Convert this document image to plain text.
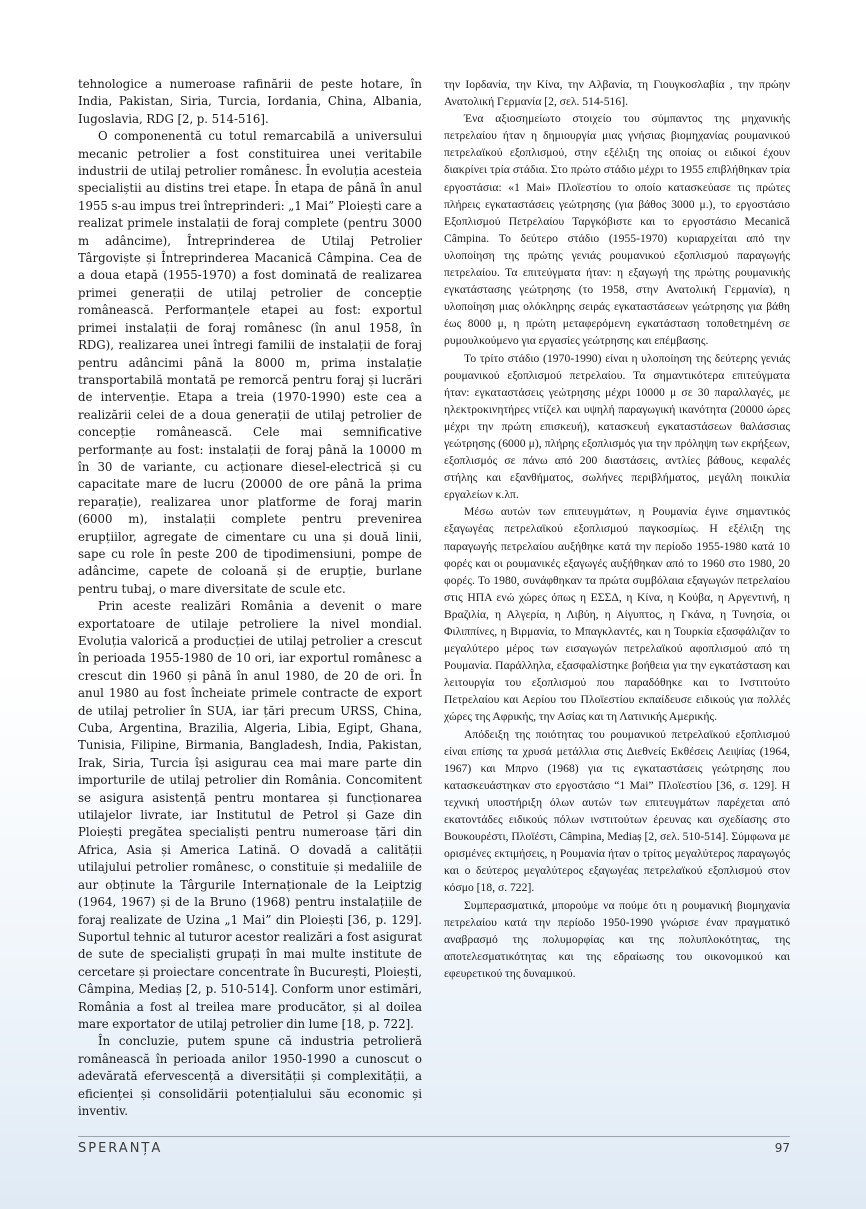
tehnologice a numeroase rafinării de peste hotare, în India, Pakistan, Siria, Turcia, Iordania, China, Albania, Iugoslavia, RDG [2, p. 514-516].

O componenentă cu totul remarcabilă a universului mecanic petrolier a fost constituirea unei veritabile industrii de utilaj petrolier românesc. În evoluția acesteia specialiștii au distins trei etape. În etapa de până în anul 1955 s-au impus trei întreprinderi: „1 Mai” Ploiești care a realizat primele instalații de foraj complete (pentru 3000 m adâncime), Întreprinderea de Utilaj Petrolier Târgoviște și Întreprinderea Macanică Câmpina. Cea de a doua etapă (1955-1970) a fost dominată de realizarea primei generații de utilaj petrolier de concepție românească. Performanțele etapei au fost: exportul primei instalații de foraj românesc (în anul 1958, în RDG), realizarea unei întregi familii de instalații de foraj pentru adâncimi până la 8000 m, prima instalație transportabilă montată pe remorcă pentru foraj și lucrări de intervenție. Etapa a treia (1970-1990) este cea a realizării celei de a doua generații de utilaj petrolier de concepție românească. Cele mai semnificative performanțe au fost: instalații de foraj până la 10000 m în 30 de variante, cu acționare diesel-electrică și cu capacitate mare de lucru (20000 de ore până la prima reparație), realizarea unor platforme de foraj marin (6000 m), instalații complete pentru prevenirea erupțiilor, agregate de cimentare cu una și două linii, sape cu role în peste 200 de tipodimensiuni, pompe de adâncime, capete de coloană și de erupție, burlane pentru tubaj, o mare diversitate de scule etc.

Prin aceste realizări România a devenit o mare exportatoare de utilaje petroliere la nivel mondial. Evoluția valorică a producției de utilaj petrolier a crescut în perioada 1955-1980 de 10 ori, iar exportul românesc a crescut din 1960 și până în anul 1980, de 20 de ori. În anul 1980 au fost încheiate primele contracte de export de utilaj petrolier în SUA, iar țări precum URSS, China, Cuba, Argentina, Brazilia, Algeria, Libia, Egipt, Ghana, Tunisia, Filipine, Birmania, Bangladesh, India, Pakistan, Irak, Siria, Turcia își asigurau cea mai mare parte din importurile de utilaj petrolier din România. Concomitent se asigura asistență pentru montarea și funcționarea utilajelor livrate, iar Institutul de Petrol și Gaze din Ploiești pregătea specialiști pentru numeroase țări din Africa, Asia și America Latină. O dovadă a calității utilajului petrolier românesc, o constituie și medaliile de aur obținute la Târgurile Internaționale de la Leiptzig (1964, 1967) și de la Bruno (1968) pentru instalațiile de foraj realizate de Uzina „1 Mai” din Ploiești [36, p. 129]. Suportul tehnic al tuturor acestor realizări a fost asigurat de sute de specialiști grupați în mai multe institute de cercetare și proiectare concentrate în București, Ploiești, Câmpina, Mediaș [2, p. 510-514]. Conform unor estimări, România a fost al treilea mare producător, și al doilea mare exportator de utilaj petrolier din lume [18, p. 722].

În concluzie, putem spune că industria petrolieră românească în perioada anilor 1950-1990 a cunoscut o adevărată efervescență a diversității și complexității, a eficienței și consolidării potențialului său economic și inventiv.

την Ιορδανία, την Κίνα, την Αλβανία, τη Γιουγκοσλαβία , την πρώην Ανατολική Γερμανία [2, σελ. 514-516].

Ένα αξιοσημείωτο στοιχείο του σύμπαντος της μηχανικής πετρελαίου ήταν η δημιουργία μιας γνήσιας βιομηχανίας ρουμανικού πετρελαϊκού εξοπλισμού, στην εξέλιξη της οποίας οι ειδικοί έχουν διακρίνει τρία στάδια. Στο πρώτο στάδιο μέχρι το 1955 επιβλήθηκαν τρία εργοστάσια: «1 Mai» Πλοϊεστίου το οποίο κατασκεύασε τις πρώτες πλήρεις εγκαταστάσεις γεώτρησης (για βάθος 3000 μ.), το εργοστάσιο Εξοπλισμού Πετρελαίου Ταργκόβιστε και το εργοστάσιο Mecanică Câmpina. Το δεύτερο στάδιο (1955-1970) κυριαρχείται από την υλοποίηση της πρώτης γενιάς ρουμανικού εξοπλισμού παραγωγής πετρελαίου. Τα επιτεύγματα ήταν: η εξαγωγή της πρώτης ρουμανικής εγκατάστασης γεώτρησης (το 1958, στην Ανατολική Γερμανία), η υλοποίηση μιας ολόκληρης σειράς εγκαταστάσεων γεώτρησης για βάθη έως 8000 μ, η πρώτη μεταφερόμενη εγκατάσταση τοποθετημένη σε ρυμουλκούμενο για εργασίες γεώτρησης και επέμβασης.

Το τρίτο στάδιο (1970-1990) είναι η υλοποίηση της δεύτερης γενιάς ρουμανικού εξοπλισμού πετρελαίου. Τα σημαντικότερα επιτεύγματα ήταν: εγκαταστάσεις γεώτρησης μέχρι 10000 μ σε 30 παραλλαγές, με ηλεκτροκινητήρες ντίζελ και υψηλή παραγωγική ικανότητα (20000 ώρες μέχρι την πρώτη επισκευή), κατασκευή εγκαταστάσεων θαλάσσιας γεώτρησης (6000 μ), πλήρης εξοπλισμός για την πρόληψη των εκρήξεων, εξοπλισμός σε πάνω από 200 διαστάσεις, αντλίες βάθους, κεφαλές στήλης και εξανθήματος, σωλήνες περιβλήματος, μεγάλη ποικιλία εργαλείων κ.λπ.

Μέσω αυτών των επιτευγμάτων, η Ρουμανία έγινε σημαντικός εξαγωγέας πετρελαϊκού εξοπλισμού παγκοσμίως. Η εξέλιξη της παραγωγής πετρελαίου αυξήθηκε κατά την περίοδο 1955-1980 κατά 10 φορές και οι ρουμανικές εξαγωγές αυξήθηκαν από το 1960 στο 1980, 20 φορές. Το 1980, συνάφθηκαν τα πρώτα συμβόλαια εξαγωγών πετρελαίου στις ΗΠΑ ενώ χώρες όπως η ΕΣΣΔ, η Κίνα, η Κούβα, η Αργεντινή, η Βραζιλία, η Αλγερία, η Λιβύη, η Αίγυπτος, η Γκάνα, η Τυνησία, οι Φιλιππίνες, η Βιρμανία, το Μπαγκλαντές, και η Τουρκία εξασφάλιζαν το μεγαλύτερο μέρος των εισαγωγών πετρελαϊκού αφοπλισμού από τη Ρουμανία. Παράλληλα, εξασφαλίστηκε βοήθεια για την εγκατάσταση και λειτουργία του εξοπλισμού που παραδόθηκε και το Ινστιτούτο Πετρελαίου και Αερίου του Πλοϊεστίου εκπαίδευσε ειδικούς για πολλές χώρες της Αφρικής, την Ασίας και τη Λατινικής Αμερικής.

Απόδειξη της ποιότητας του ρουμανικού πετρελαϊκού εξοπλισμού είναι επίσης τα χρυσά μετάλλια στις Διεθνείς Εκθέσεις Λειψίας (1964, 1967) και Μπρνο (1968) για τις εγκαταστάσεις γεώτρησης που κατασκευάστηκαν στο εργοστάσιο “1 Mai” Πλοϊεστίου [36, σ. 129]. Η τεχνική υποστήριξη όλων αυτών των επιτευγμάτων παρέχεται από εκατοντάδες ειδικούς πόλων ινστιτούτων έρευνας και σχεδίασης στο Βουκουρέστι, Πλοϊέστι, Câmpina, Mediaș [2, σελ. 510-514]. Σύμφωνα με ορισμένες εκτιμήσεις, η Ρουμανία ήταν ο τρίτος μεγαλύτερος παραγωγός και ο δεύτερος μεγαλύτερος εξαγωγέας πετρελαϊκού εξοπλισμού στον κόσμο [18, σ. 722].

Συμπερασματικά, μπορούμε να πούμε ότι η ρουμανική βιομηχανία πετρελαίου κατά την περίοδο 1950-1990 γνώρισε έναν πραγματικό αναβρασμό της πολυμορφίας και της πολυπλοκότητας, της αποτελεσματικότητας και της εδραίωσης του οικονομικού και εφευρετικού της δυναμικού.

SPERANȚA	97
